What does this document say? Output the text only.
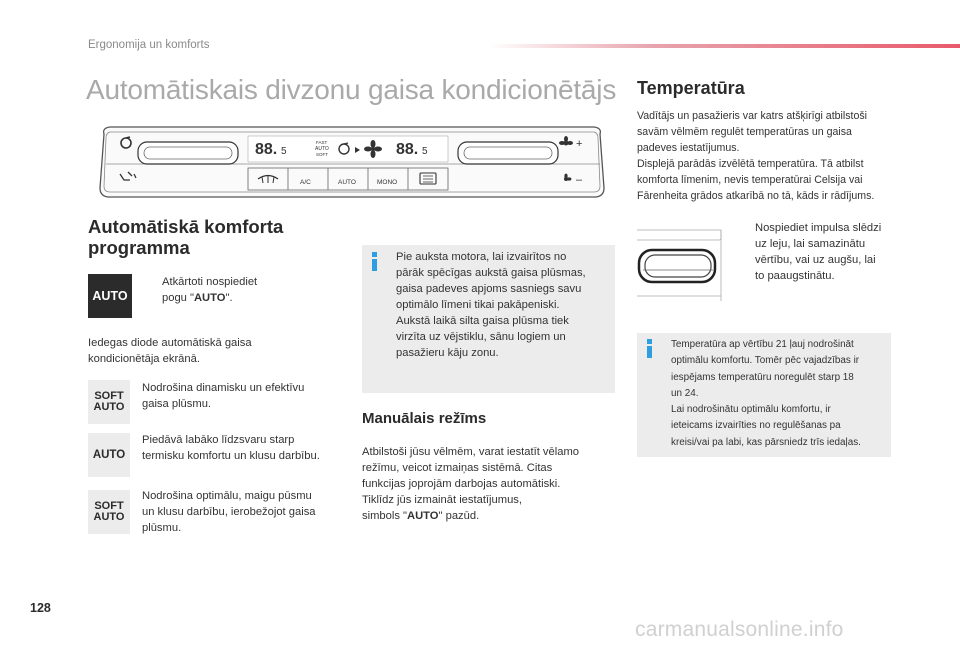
Ergonomija un komforts
Automātiskais divzonu gaisa kondicionētājs
88. 5
FAST
AUTO
SOFT	88. 5
+
–
A/C	AUTO	MONO
Automātiskā komforta
programma
AUTO
Atkārtoti nospiediet
pogu "AUTO".
Iedegas diode automātiskā gaisa
kondicionētāja ekrānā.
SOFT
AUTO
Nodrošina dinamisku un efektīvu
gaisa plūsmu.
AUTO
Piedāvā labāko līdzsvaru starp
termisku komfortu un klusu darbību.
SOFT
AUTO
Nodrošina optimālu, maigu pūsmu
un klusu darbību, ierobežojot gaisa
plūsmu.
Pie auksta motora, lai izvairītos no
pārāk spēcīgas aukstā gaisa plūsmas,
gaisa padeves apjoms sasniegs savu
optimālo līmeni tikai pakāpeniski.
Aukstā laikā silta gaisa plūsma tiek
virzīta uz vējstiklu, sānu logiem un
pasažieru kāju zonu.
Manuālais režīms
Atbilstoši jūsu vēlmēm, varat iestatīt vēlamo
režīmu, veicot izmaiņas sistēmā. Citas
funkcijas joprojām darbojas automātiski.
Tiklīdz jūs izmaināt iestatījumus,
simbols "AUTO" pazūd.
Temperatūra
Vadītājs un pasažieris var katrs atšķirīgi atbilstoši
savām vēlmēm regulēt temperatūras un gaisa
padeves iestatījumus.
Displejā parādās izvēlētā temperatūra. Tā atbilst
komforta līmenim, nevis temperatūrai Celsija vai
Fārenheita grādos atkarībā no tā, kāds ir rādījums.
Nospiediet impulsa slēdzi
uz leju, lai samazinātu
vērtību, vai uz augšu, lai
to paaugstinātu.
Temperatūra ap vērtību 21 ļauj nodrošināt
optimālu komfortu. Tomēr pēc vajadzības ir
iespējams temperatūru noregulēt starp 18
un 24.
Lai nodrošinātu optimālu komfortu, ir
ieteicams izvairīties no regulēšanas pa
kreisi/vai pa labi, kas pārsniedz trīs iedaļas.
128
carmanualsonline.info
